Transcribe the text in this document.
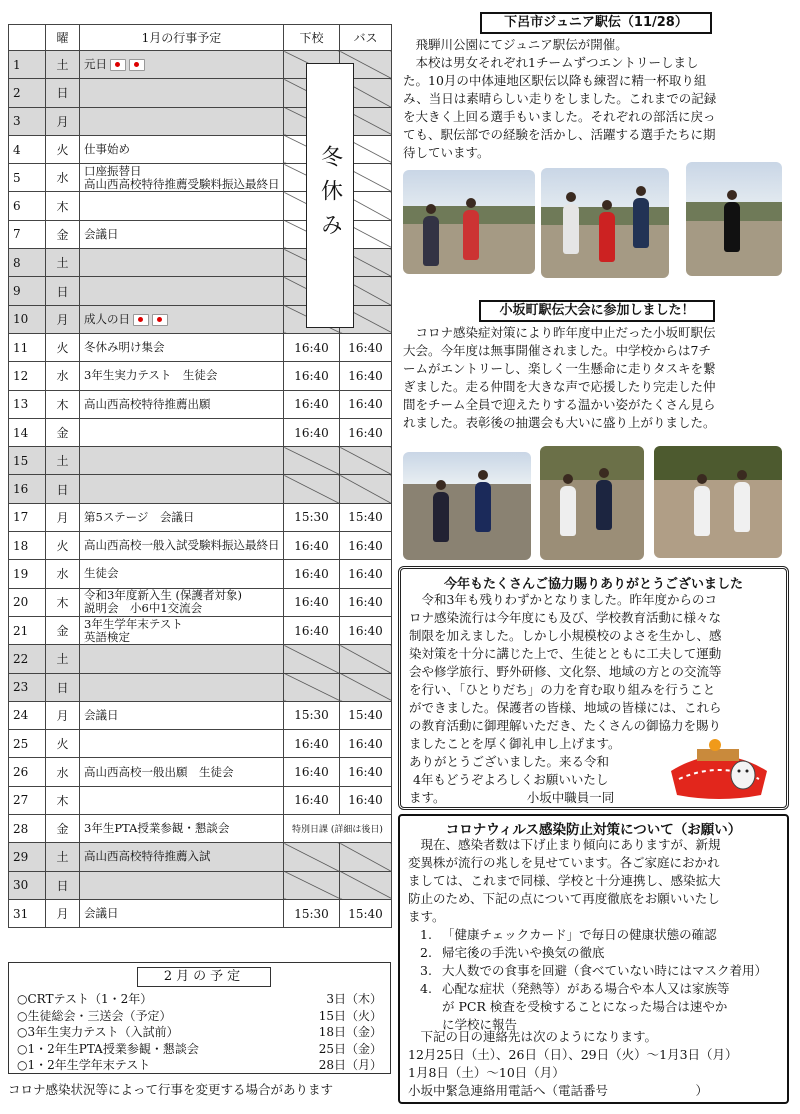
	曜	1月の行事予定	下校	バス
1	土	元日		

2	日			
3	月			
4	火	仕事始め		

5	水	口座振替日
高山西高校特待推薦受験料振込最終日		

6	木			
7	金	会議日		

8	土			
9	日			
10	月	成人の日		

11	火	冬休み明け集会	16:40	16:40
12	水	3年生実力テスト　生徒会	16:40	16:40
13	木	高山西高校特待推薦出願	16:40	16:40
14	金		16:40	16:40
15	土			
16	日			
17	月	第5ステージ　会議日	15:30	15:40
18	火	高山西高校一般入試受験料振込最終日	16:40	16:40
19	水	生徒会	16:40	16:40
20	木	令和3年度新入生 (保護者対象)
説明会　小6中1交流会	16:40	16:40
21	金	3年生学年末テスト
英語検定	16:40	16:40
22	土			
23	日			
24	月	会議日	15:30	15:40
25	火		16:40	16:40
26	水	高山西高校一般出願　生徒会	16:40	16:40
27	木		16:40	16:40
28	金	3年生PTA授業参観・懇談会	特別日課 (詳細は後日)	
29	土	高山西高校特待推薦入試		

30	日			
31	月	会議日	15:30	15:40
冬休み
2月の予定
○CRTテスト（1・2年）	3日（木）
○生徒総会・三送会（予定）	15日（火）
○3年生実力テスト（入試前）	18日（金）
○1・2年生PTA授業参観・懇談会	25日（金）
○1・2年生学年末テスト	28日（月）
コロナ感染状況等によって行事を変更する場合があります
下呂市ジュニア駅伝（11/28）
　飛騨川公園にてジュニア駅伝が開催。
　本校は男女それぞれ1チームずつエントリーしまし
た。10月の中体連地区駅伝以降も練習に精一杯取り組
み、当日は素晴らしい走りをしました。これまでの記録
を大きく上回る選手もいました。それぞれの部活に戻っ
ても、駅伝部での経験を活かし、活躍する選手たちに期
待しています。
小坂町駅伝大会に参加しました！
　コロナ感染症対策により昨年度中止だった小坂町駅伝
大会。今年度は無事開催されました。中学校からは7チ
ームがエントリーし、楽しく一生懸命に走りタスキを繋
ぎました。走る仲間を大きな声で応援したり完走した仲
間をチーム全員で迎えたりする温かい姿がたくさん見ら
れました。表彰後の抽選会も大いに盛り上がりました。
今年もたくさんご協力賜りありがとうございました
　令和3年も残りわずかとなりました。昨年度からのコ
ロナ感染流行は今年度にも及び、学校教育活動に様々な
制限を加えました。しかし小規模校のよさを生かし、感
染対策を十分に講じた上で、生徒とともに工夫して運動
会や修学旅行、野外研修、文化祭、地域の方との交流等
を行い、「ひとりだち」の力を育む取り組みを行うこと
ができました。保護者の皆様、地域の皆様には、これら
の教育活動に御理解いただき、たくさんの御協力を賜り
ましたことを厚く御礼申し上げます。
ありがとうございました。来る令和
4年もどうぞよろしくお願いいたし
ます。　　　　　　　小坂中職員一同
コロナウィルス感染防止対策について（お願い）
　現在、感染者数は下げ止まり傾向にありますが、新規
変異株が流行の兆しを見せています。各ご家庭におかれ
ましては、これまで同様、学校と十分連携し、感染拡大
防止のため、下記の点について再度徹底をお願いいたし
ます。
1. 「健康チェックカード」で毎日の健康状態の確認
2. 帰宅後の手洗いや換気の徹底
3. 大人数での食事を回避（食べていない時にはマスク着用）
4. 心配な症状（発熱等）がある場合や本人又は家族等
が PCR 検査を受検することになった場合は速やか
に学校に報告
　下記の日の連絡先は次のようになります。
12月25日（土）、26日（日）、29日（火）～1月3日（月）
1月8日（土）～10日（月）
小坂中緊急連絡用電話へ（電話番号　　　　　　　）
